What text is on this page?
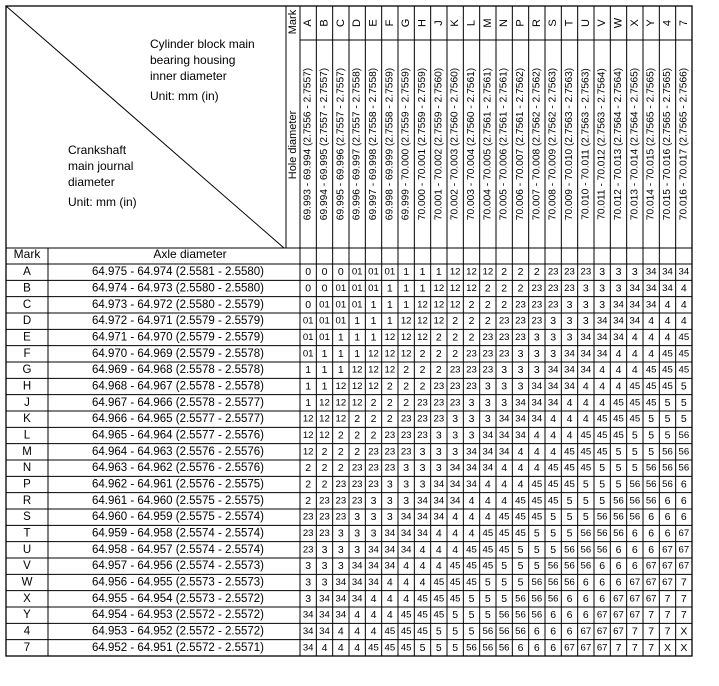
Cylinder block main
bearing housing
inner diameter
Unit: mm (in)
Crankshaft
main journal
diameter
Unit: mm (in)
Mark
Hole diameter
Mark	Axle diameter
A
69.993 - 69.994 (2.7556 - 2.7557)
B
69.994 - 69.995 (2.7557 - 2.7557)
C
69.995 - 69.996 (2.7557 - 2.7557)
D
69.996 - 69.997 (2.7557 - 2.7558)
E
69.997 - 69.998 (2.7558 - 2.7558)
F
69.998 - 69.999 (2.7558 - 2.7559)
G
69.999 - 70.000 (2.7559 - 2.7559)
H
70.000 - 70.001 (2.7559 - 2.7559)
J
70.001 - 70.002 (2.7559 - 2.7560)
K
70.002 - 70.003 (2.7560 - 2.7560)
L
70.003 - 70.004 (2.7560 - 2.7561)
M
70.004 - 70.005 (2.7561 - 2.7561)
N
70.005 - 70.006 (2.7561 - 2.7561)
P
70.006 - 70.007 (2.7561 - 2.7562)
R
70.007 - 70.008 (2.7562 - 2.7562)
S
70.008 - 70.009 (2.7562 - 2.7563)
T
70.009 - 70.010 (2.7563 - 2.7563)
U
70.010 - 70.011 (2.7563 - 2.7563)
V
70.011 - 70.012 (2.7563 - 2.7564)
W
70.012 - 70.013 (2.7564 - 2.7564)
X
70.013 - 70.014 (2.7564 - 2.7565)
Y
70.014 - 70.015 (2.7565 - 2.7565)
4
70.015 - 70.016 (2.7565 - 2.7565)
7
70.016 - 70.017 (2.7565 - 2.7566)
A	64.975 - 64.974 (2.5581 - 2.5580)	0 0 0 01 01 01 1 1 1 12 12 12 2 2 2 23 23 23 3 3 3 34 34 34
B	64.974 - 64.973 (2.5580 - 2.5580)	0 0 01 01 01 1 1 1 12 12 12 2 2 2 23 23 23 3 3 3 34 34 34 4
C	64.973 - 64.972 (2.5580 - 2.5579)	0 01 01 01 1 1 1 12 12 12 2 2 2 23 23 23 3 3 3 34 34 34 4 4
D	64.972 - 64.971 (2.5579 - 2.5579)	01 01 01 1 1 1 12 12 12 2 2 2 23 23 23 3 3 3 34 34 34 4 4 4
E	64.971 - 64.970 (2.5579 - 2.5579)	01 01 1 1 1 12 12 12 2 2 2 23 23 23 3 3 3 34 34 34 4 4 4 45
F	64.970 - 64.969 (2.5579 - 2.5578)	01 1 1 1 12 12 12 2 2 2 23 23 23 3 3 3 34 34 34 4 4 4 45 45
G	64.969 - 64.968 (2.5578 - 2.5578)	1 1 1 12 12 12 2 2 2 23 23 23 3 3 3 34 34 34 4 4 4 45 45 45
H	64.968 - 64.967 (2.5578 - 2.5578)	1 1 12 12 12 2 2 2 23 23 23 3 3 3 34 34 34 4 4 4 45 45 45 5
J	64.967 - 64.966 (2.5578 - 2.5577)	1 12 12 12 2 2 2 23 23 23 3 3 3 34 34 34 4 4 4 45 45 45 5 5
K	64.966 - 64.965 (2.5577 - 2.5577)	12 12 12 2 2 2 23 23 23 3 3 3 34 34 34 4 4 4 45 45 45 5 5 5
L	64.965 - 64.964 (2.5577 - 2.5576)	12 12 2 2 2 23 23 23 3 3 3 34 34 34 4 4 4 45 45 45 5 5 5 56
M	64.964 - 64.963 (2.5576 - 2.5576)	12 2 2 2 23 23 23 3 3 3 34 34 34 4 4 4 45 45 45 5 5 5 56 56
N	64.963 - 64.962 (2.5576 - 2.5576)	2 2 2 23 23 23 3 3 3 34 34 34 4 4 4 45 45 45 5 5 5 56 56 56
P	64.962 - 64.961 (2.5576 - 2.5575)	2 2 23 23 23 3 3 3 34 34 34 4 4 4 45 45 45 5 5 5 56 56 56 6
R	64.961 - 64.960 (2.5575 - 2.5575)	2 23 23 23 3 3 3 34 34 34 4 4 4 45 45 45 5 5 5 56 56 56 6 6
S	64.960 - 64.959 (2.5575 - 2.5574)	23 23 23 3 3 3 34 34 34 4 4 4 45 45 45 5 5 5 56 56 56 6 6 6
T	64.959 - 64.958 (2.5574 - 2.5574)	23 23 3 3 3 34 34 34 4 4 4 45 45 45 5 5 5 56 56 56 6 6 6 67
U	64.958 - 64.957 (2.5574 - 2.5574)	23 3 3 3 34 34 34 4 4 4 45 45 45 5 5 5 56 56 56 6 6 6 67 67
V	64.957 - 64.956 (2.5574 - 2.5573)	3 3 3 34 34 34 4 4 4 45 45 45 5 5 5 56 56 56 6 6 6 67 67 67
W	64.956 - 64.955 (2.5573 - 2.5573)	3 3 34 34 34 4 4 4 45 45 45 5 5 5 56 56 56 6 6 6 67 67 67 7
X	64.955 - 64.954 (2.5573 - 2.5572)	3 34 34 34 4 4 4 45 45 45 5 5 5 56 56 56 6 6 6 67 67 67 7 7
Y	64.954 - 64.953 (2.5572 - 2.5572)	34 34 34 4 4 4 45 45 45 5 5 5 56 56 56 6 6 6 67 67 67 7 7 7
4	64.953 - 64.952 (2.5572 - 2.5572)	34 34 4 4 4 45 45 45 5 5 5 56 56 56 6 6 6 67 67 67 7 7 7 X
7	64.952 - 64.951 (2.5572 - 2.5571)	34 4 4 4 45 45 45 5 5 5 56 56 56 6 6 6 67 67 67 7 7 7 X X
